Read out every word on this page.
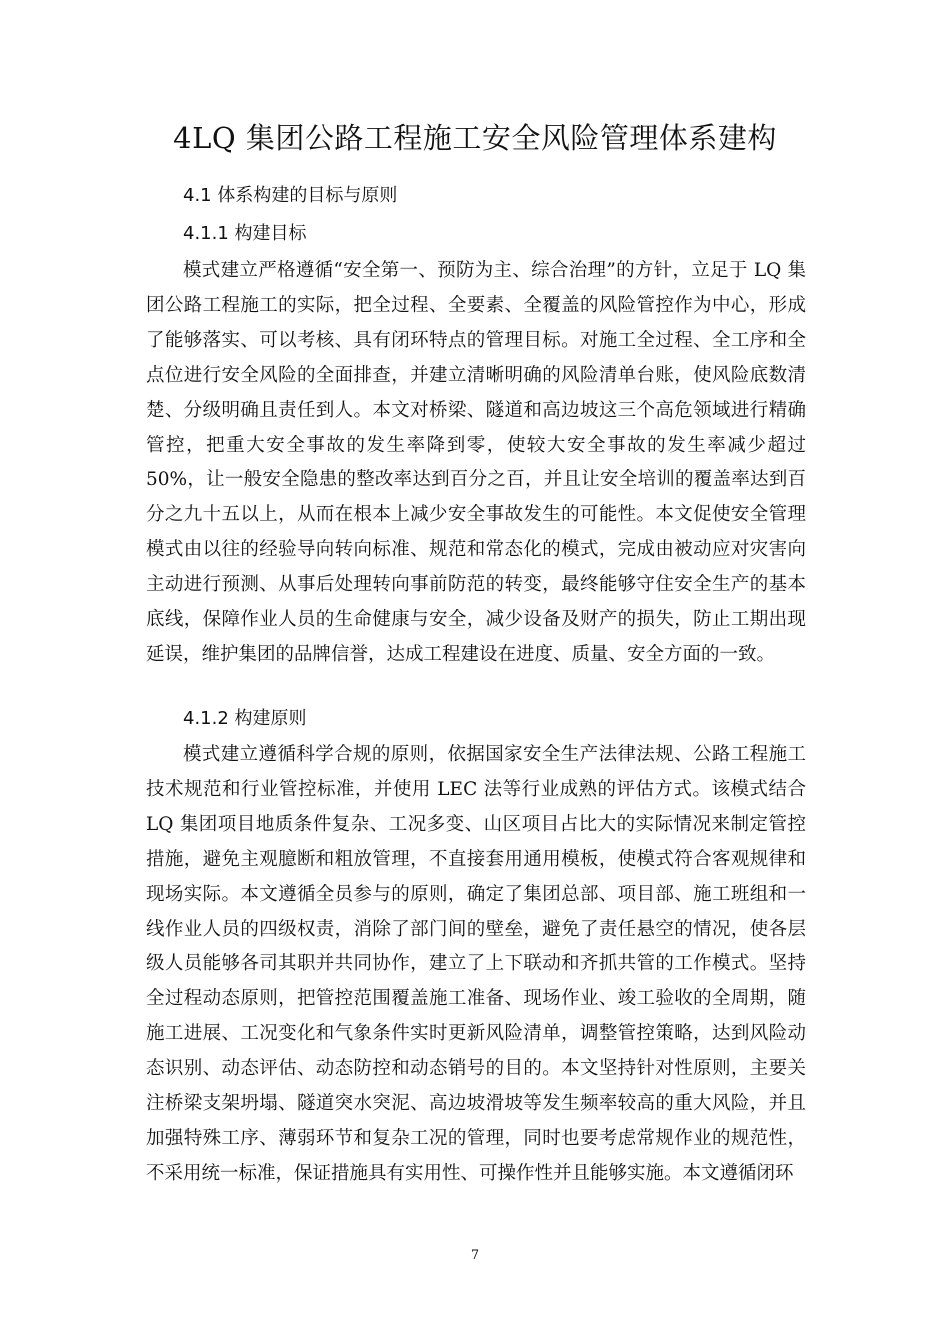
4LQ 集团公路工程施工安全风险管理体系建构
4.1 体系构建的目标与原则
4.1.1 构建目标
模式建立严格遵循“安全第一、预防为主、综合治理”的方针，立足于 LQ 集团公路工程施工的实际，把全过程、全要素、全覆盖的风险管控作为中心，形成了能够落实、可以考核、具有闭环特点的管理目标。对施工全过程、全工序和全点位进行安全风险的全面排查，并建立清晰明确的风险清单台账，使风险底数清楚、分级明确且责任到人。本文对桥梁、隧道和高边坡这三个高危领域进行精确管控，把重大安全事故的发生率降到零，使较大安全事故的发生率减少超过 50%，让一般安全隐患的整改率达到百分之百，并且让安全培训的覆盖率达到百分之九十五以上，从而在根本上减少安全事故发生的可能性。本文促使安全管理模式由以往的经验导向转向标准、规范和常态化的模式，完成由被动应对灾害向主动进行预测、从事后处理转向事前防范的转变，最终能够守住安全生产的基本底线，保障作业人员的生命健康与安全，减少设备及财产的损失，防止工期出现延误，维护集团的品牌信誉，达成工程建设在进度、质量、安全方面的一致。
4.1.2 构建原则
模式建立遵循科学合规的原则，依据国家安全生产法律法规、公路工程施工技术规范和行业管控标准，并使用 LEC 法等行业成熟的评估方式。该模式结合 LQ 集团项目地质条件复杂、工况多变、山区项目占比大的实际情况来制定管控措施，避免主观臆断和粗放管理，不直接套用通用模板，使模式符合客观规律和现场实际。本文遵循全员参与的原则，确定了集团总部、项目部、施工班组和一线作业人员的四级权责，消除了部门间的壁垒，避免了责任悬空的情况，使各层级人员能够各司其职并共同协作，建立了上下联动和齐抓共管的工作模式。坚持全过程动态原则，把管控范围覆盖施工准备、现场作业、竣工验收的全周期，随施工进展、工况变化和气象条件实时更新风险清单，调整管控策略，达到风险动态识别、动态评估、动态防控和动态销号的目的。本文坚持针对性原则，主要关注桥梁支架坍塌、隧道突水突泥、高边坡滑坡等发生频率较高的重大风险，并且加强特殊工序、薄弱环节和复杂工况的管理，同时也要考虑常规作业的规范性，不采用统一标准，保证措施具有实用性、可操作性并且能够实施。本文遵循闭环
7
